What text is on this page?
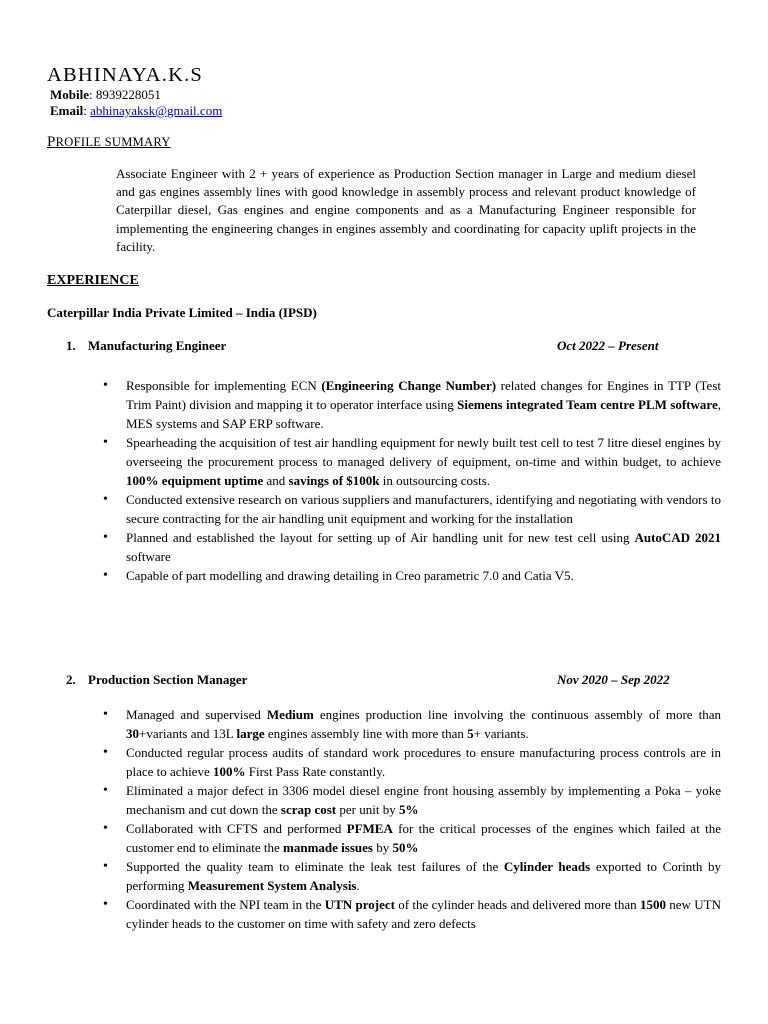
ABHINAYA.K.S
Mobile: 8939228051
Email: abhinayaksk@gmail.com
PROFILE SUMMARY
Associate Engineer with 2 + years of experience as Production Section manager in Large and medium diesel and gas engines assembly lines with good knowledge in assembly process and relevant product knowledge of Caterpillar diesel, Gas engines and engine components and as a Manufacturing Engineer responsible for implementing the engineering changes in engines assembly and coordinating for capacity uplift projects in the facility.
EXPERIENCE
Caterpillar India Private Limited – India (IPSD)
1. Manufacturing Engineer	Oct 2022 – Present
• Responsible for implementing ECN (Engineering Change Number) related changes for Engines in TTP (Test Trim Paint) division and mapping it to operator interface using Siemens integrated Team centre PLM software, MES systems and SAP ERP software.
• Spearheading the acquisition of test air handling equipment for newly built test cell to test 7 litre diesel engines by overseeing the procurement process to managed delivery of equipment, on-time and within budget, to achieve 100% equipment uptime and savings of $100k in outsourcing costs.
• Conducted extensive research on various suppliers and manufacturers, identifying and negotiating with vendors to secure contracting for the air handling unit equipment and working for the installation
• Planned and established the layout for setting up of Air handling unit for new test cell using AutoCAD 2021 software
• Capable of part modelling and drawing detailing in Creo parametric 7.0 and Catia V5.
2. Production Section Manager	Nov 2020 – Sep 2022
• Managed and supervised Medium engines production line involving the continuous assembly of more than 30+variants and 13L large engines assembly line with more than 5+ variants.
• Conducted regular process audits of standard work procedures to ensure manufacturing process controls are in place to achieve 100% First Pass Rate constantly.
• Eliminated a major defect in 3306 model diesel engine front housing assembly by implementing a Poka – yoke mechanism and cut down the scrap cost per unit by 5%
• Collaborated with CFTS and performed PFMEA for the critical processes of the engines which failed at the customer end to eliminate the manmade issues by 50%
• Supported the quality team to eliminate the leak test failures of the Cylinder heads exported to Corinth by performing Measurement System Analysis.
• Coordinated with the NPI team in the UTN project of the cylinder heads and delivered more than 1500 new UTN cylinder heads to the customer on time with safety and zero defects
